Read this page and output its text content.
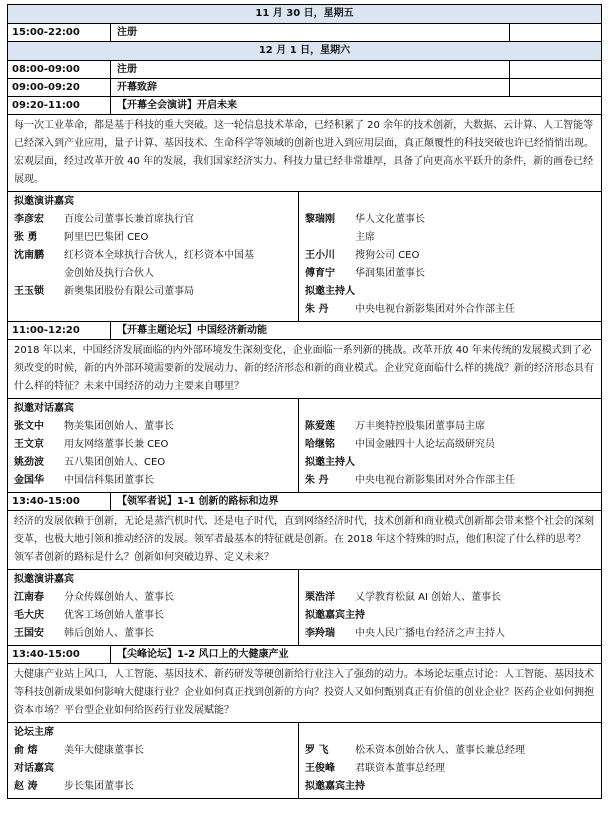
11 月 30 日，星期五
15:00-22:00	注册
12 月 1 日，星期六
08:00-09:00	注册
09:00-09:20	开幕致辞
09:20-11:00	【开幕全会演讲】开启未来
每一次工业革命，都是基于科技的重大突破。这一轮信息技术革命，已经积累了 20 余年的技术创新，大数据、云计算、人工智能等已经深入到产业应用，量子计算、基因技术、生命科学等领域的创新也进入到应用层面，真正颠覆性的科技突破也许已经悄悄出现。宏观层面，经过改革开放 40 年的发展，我们国家经济实力、科技力量已经非常雄厚，具备了向更高水平跃升的条件，新的画卷已经展现。
拟邀演讲嘉宾
李彦宏 百度公司董事长兼首席执行官
张 勇	阿里巴巴集团 CEO
沈南鹏 红杉资本全球执行合伙人，红杉资本中国基
金创始及执行合伙人
王玉锁 新奥集团股份有限公司董事局
黎瑞刚 华人文化董事长
主席
王小川 搜狗公司 CEO
傅育宁 华润集团董事长
拟邀主持人
朱 丹	中央电视台新影集团对外合作部主任
11:00-12:20	【开幕主题论坛】中国经济新动能
2018 年以来，中国经济发展面临的内外部环境发生深刻变化，企业面临一系列新的挑战。改革开放 40 年来传统的发展模式到了必须改变的时候，新的内外部环境需要新的发展动力、新的经济形态和新的商业模式。企业究竟面临什么样的挑战？新的经济形态具有什么样的特征？未来中国经济的动力主要来自哪里？
拟邀对话嘉宾
张文中 物美集团创始人、董事长
王文京 用友网络董事长兼 CEO
姚劲波 五八集团创始人、CEO
金国华 中国信科集团董事长
陈爱莲 万丰奥特控股集团董事局主席
哈继铭 中国金融四十人论坛高级研究员
拟邀主持人
朱 丹	中央电视台新影集团对外合作部主任
13:40-15:00	【领军者说】1-1 创新的路标和边界
经济的发展依赖于创新，无论是蒸汽机时代、还是电子时代，直到网络经济时代，技术创新和商业模式创新都会带来整个社会的深刻变革，也极大地引领和推动经济的发展。领军者最基本的特征就是创新。在 2018 年这个特殊的时点，他们积淀了什么样的思考？领军者创新的路标是什么？创新如何突破边界、定义未来？
拟邀演讲嘉宾
江南春 分众传媒创始人、董事长
毛大庆 优客工场创始人董事长
王国安 韩后创始人、董事长
栗浩洋 乂学教育松鼠 AI 创始人、董事长
拟邀嘉宾主持
李羚瑞 中央人民广播电台经济之声主持人
13:40-15:00	【尖峰论坛】1-2 风口上的大健康产业
大健康产业站上风口，人工智能、基因技术、新药研发等硬创新给行业注入了强劲的动力。本场论坛重点讨论：人工智能、基因技术等科技创新成果如何影响大健康行业？企业如何真正找到创新的方向？投资人又如何甄别真正有价值的创业企业？医药企业如何拥抱资本市场？平台型企业如何给医药行业发展赋能？
论坛主席
俞 熔	美年大健康董事长
对话嘉宾
赵 涛	步长集团董事长
罗 飞	松禾资本创始合伙人、董事长兼总经理
王俊峰 君联资本董事总经理
拟邀嘉宾主持
